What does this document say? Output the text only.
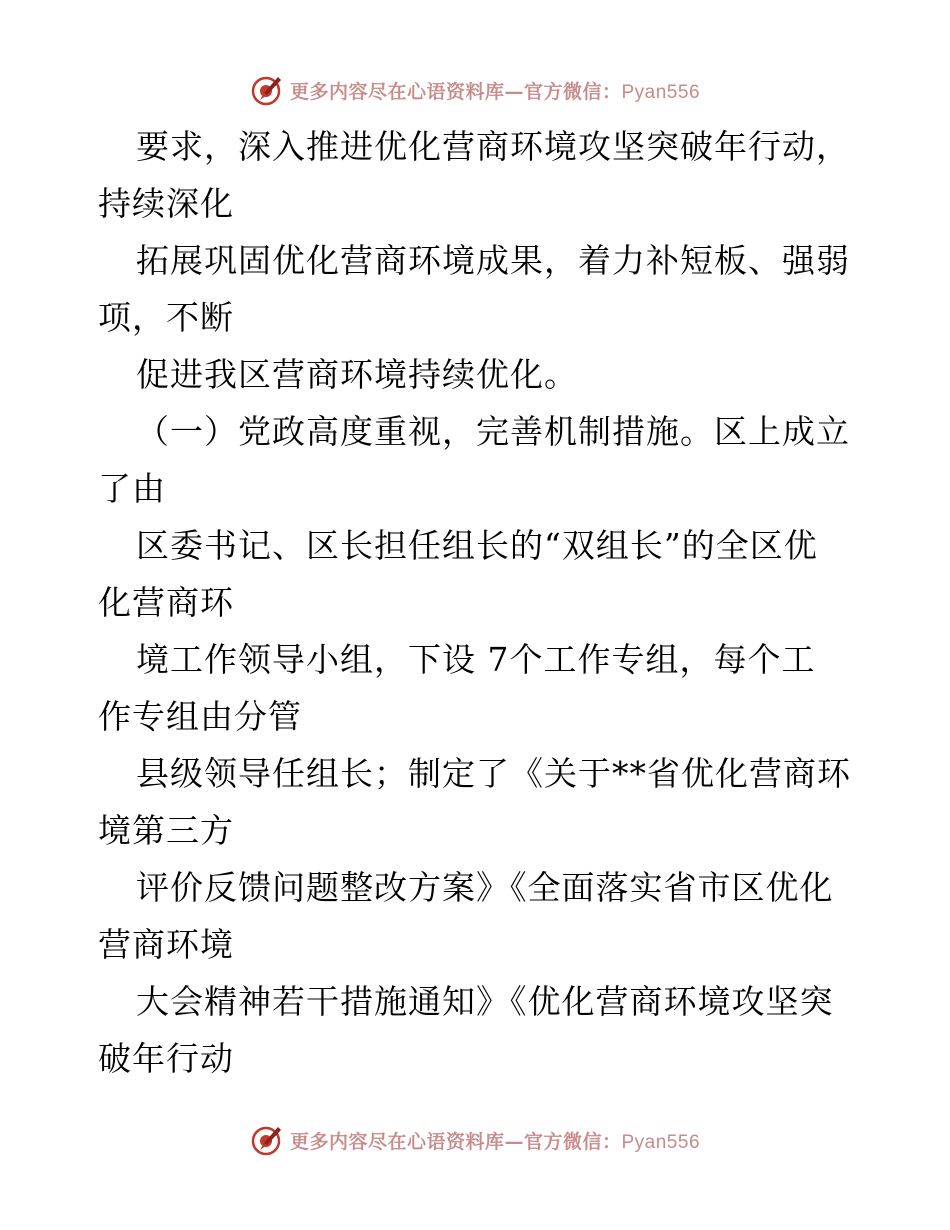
更多内容尽在心语资料库—官方微信：Pyan556
要求，深入推进优化营商环境攻坚突破年行动，
持续深化
拓展巩固优化营商环境成果，着力补短板、强弱
项，不断
促进我区营商环境持续优化。
（一）党政高度重视，完善机制措施。区上成立
了由
区委书记、区长担任组长的“双组长”的全区优
化营商环
境工作领导小组，下设 7个工作专组，每个工
作专组由分管
县级领导任组长；制定了《关于**省优化营商环
境第三方
评价反馈问题整改方案》《全面落实省市区优化
营商环境
大会精神若干措施通知》《优化营商环境攻坚突
破年行动
更多内容尽在心语资料库—官方微信：Pyan556
